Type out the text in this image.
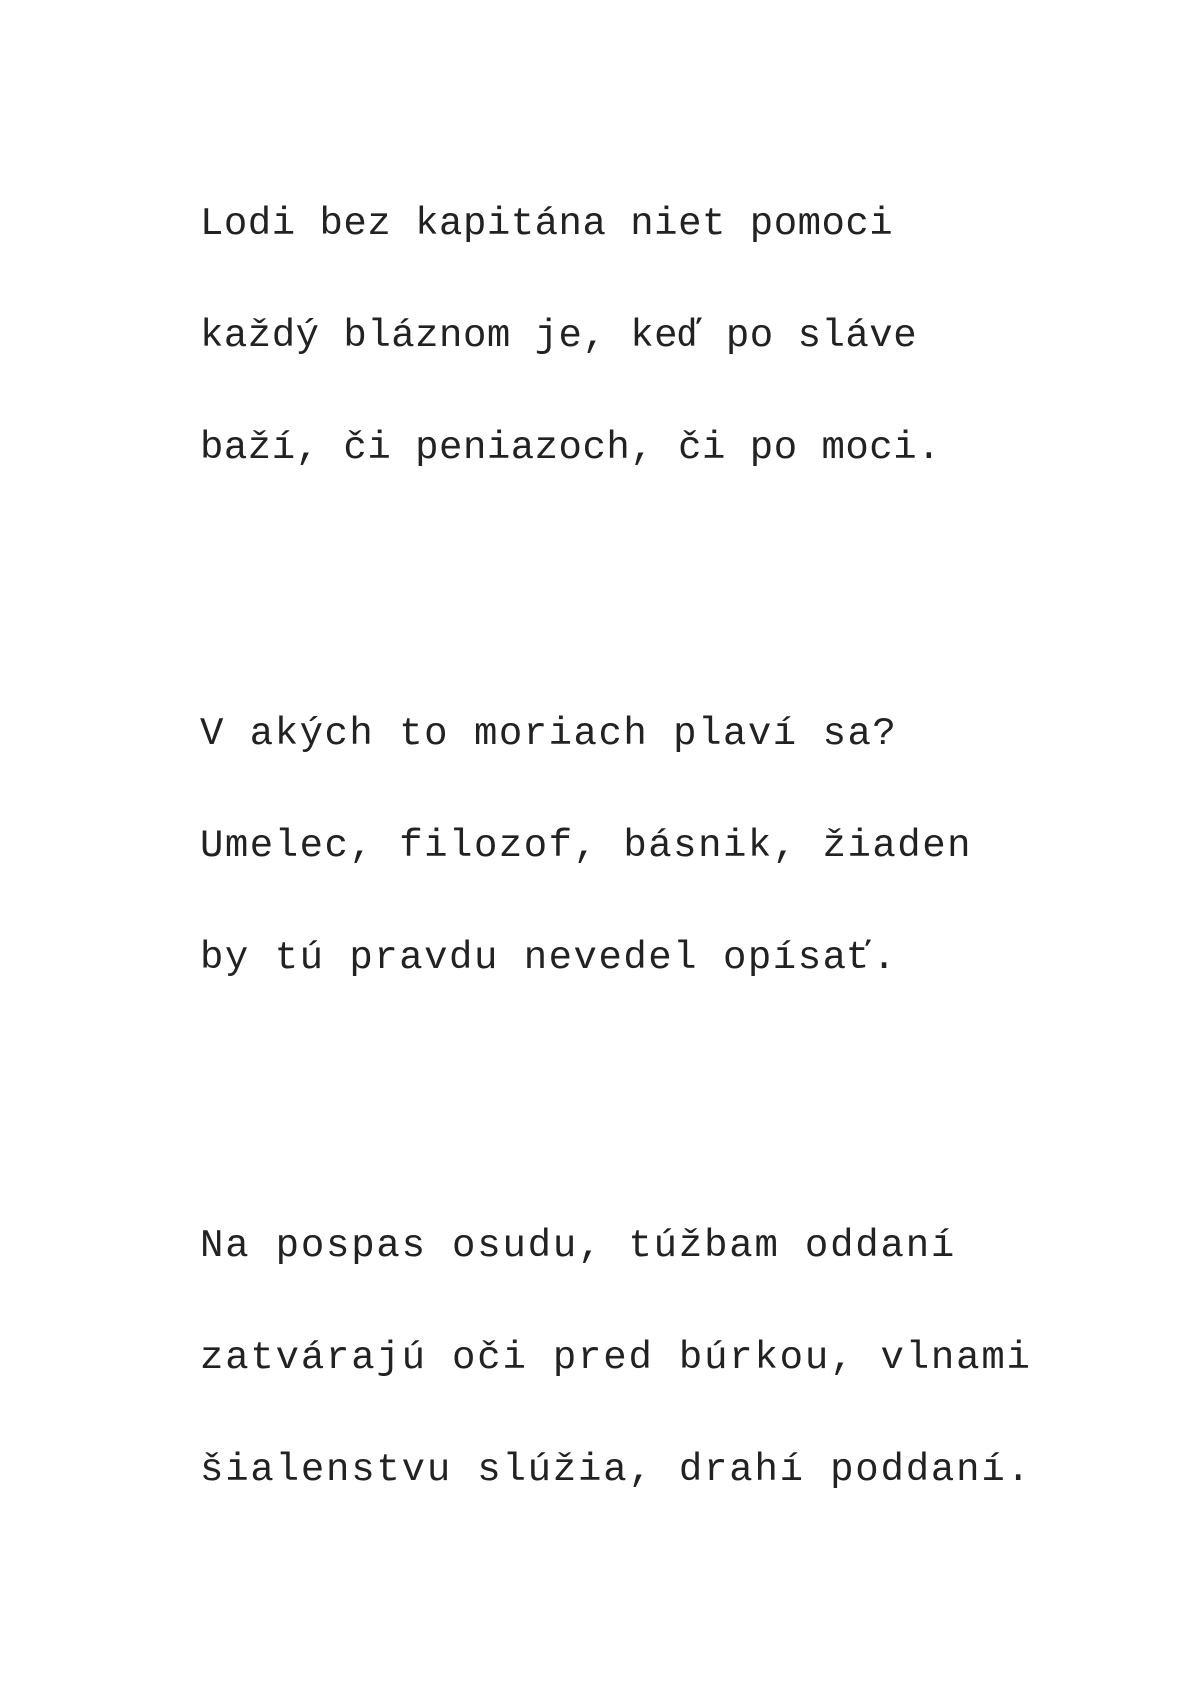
Lodi bez kapitána niet pomoci
každý bláznom je, keď po sláve
baží, či peniazoch, či po moci.
V akých to moriach plaví sa?
Umelec, filozof, básnik, žiaden
by tú pravdu nevedel opísať.
Na pospas osudu, túžbam oddaní
zatvárajú oči pred búrkou, vlnami
šialenstvu slúžia, drahí poddaní.
